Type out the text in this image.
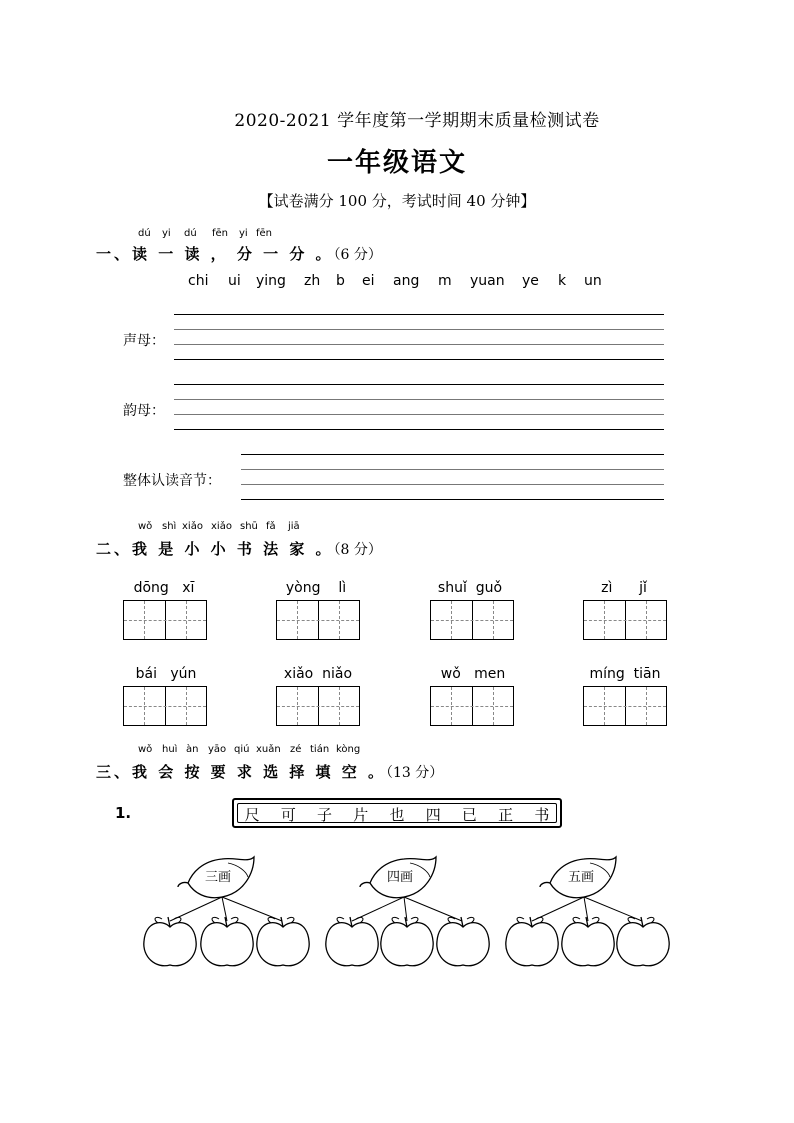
2020-2021 学年度第一学期期末质量检测试卷
一年级语文
【试卷满分 100 分，考试时间 40 分钟】
dú yi dú fēn yi fēn
一、读 一 读 ， 分 一 分 。（6 分）
chi ui ying zh b ei ang m yuan ye k un
声母：
韵母：
整体认读音节：
wǒ shì xiǎo xiǎo shū fǎ jiā
二、我 是 小 小 书 法 家 。（8 分）
dōng xī	yòng lì	shuǐ guǒ	zì jǐ
bái yún	xiǎo niǎo	wǒ men	míng tiān
wǒ huì àn yāo qiú xuǎn zé tián kòng
三、我 会 按 要 求 选 择 填 空 。（13 分）
1.	尺 可 子 片 也 四 已 正 书
三画	四画	五画
